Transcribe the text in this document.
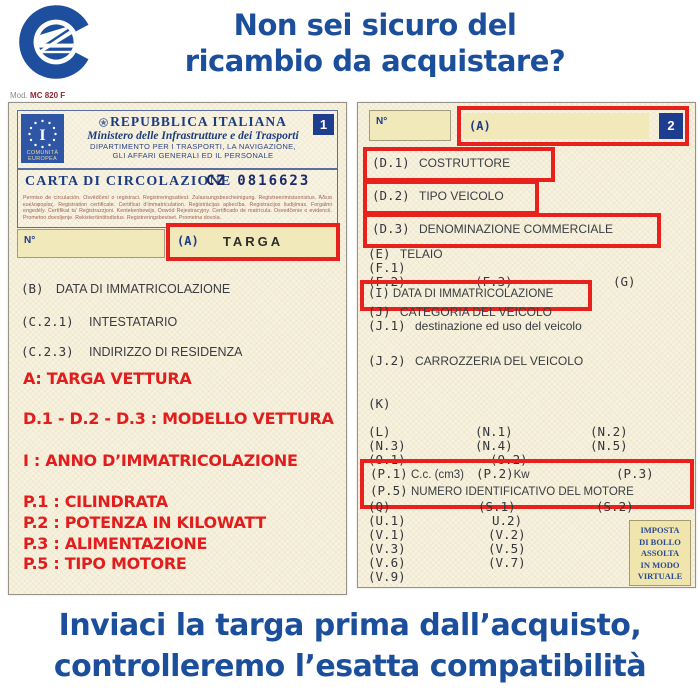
Non sei sicuro del
ricambio da acquistare?
Mod. MC 820 F
I
COMUNITÀ
EUROPEA
1
REPUBBLICA ITALIANA
Ministero delle Infrastrutture e dei Trasporti
DIPARTIMENTO PER I TRASPORTI, LA NAVIGAZIONE,
GLI AFFARI GENERALI ED IL PERSONALE
CARTA DI CIRCOLAZIONE
CZ 0816623
Permiso de circulación. Osvědčení o registraci. Registreringsattest. Zulassungsbescheinigung. Registreerimistunnistus. Άδεια κυκλοφορίας. Registration certificate. Certificat d'immatriculation. Reģistrācijas apliecība. Registracijos liudijimas. Forgalmi engedély. Ċertifikat ta' Reġistrazzjoni. Kentekenbewijs. Dowód Rejestracyjny. Certificado de matrícula. Osvedčenie o evidencii. Prometno dovoljenje. Rekisteröintitodistus. Registreringsbeviset. Prometna dovola.
N°	(A)	TARGA
(B) DATA DI IMMATRICOLAZIONE
(C.2.1) INTESTATARIO
(C.2.3) INDIRIZZO DI RESIDENZA
A: TARGA VETTURA
D.1 - D.2 - D.3 : MODELLO VETTURA
I : ANNO D’IMMATRICOLAZIONE
P.1 : CILINDRATA
P.2 : POTENZA IN KILOWATT
P.3 : ALIMENTAZIONE
P.5 : TIPO MOTORE
N°	(A)	2
(D.1) COSTRUTTORE
(D.2) TIPO VEICOLO
(D.3) DENOMINAZIONE COMMERCIALE
(E) TELAIO
(F.1)
(F.2)	(F.3)	(G)
(I) DATA DI IMMATRICOLAZIONE
(J) CATEGORIA DEL VEICOLO
(J.1) destinazione ed uso del veicolo
(J.2) CARROZZERIA DEL VEICOLO
(K)
(L)	(N.1)	(N.2)
(N.3)	(N.4)	(N.5)
(O.1)	(O.2)
(P.1) C.c. (cm3) (P.2)Kw	(P.3)
(P.5) NUMERO IDENTIFICATIVO DEL MOTORE
(Q)	(S.1)	(S.2)
(U.1)	U.2)
(V.1)	(V.2)
(V.3)	(V.5)
(V.6)	(V.7)
(V.9)
IMPOSTA
DI BOLLO
ASSOLTA
IN MODO
VIRTUALE
Inviaci la targa prima dall’acquisto,
controlleremo l’esatta compatibilità
